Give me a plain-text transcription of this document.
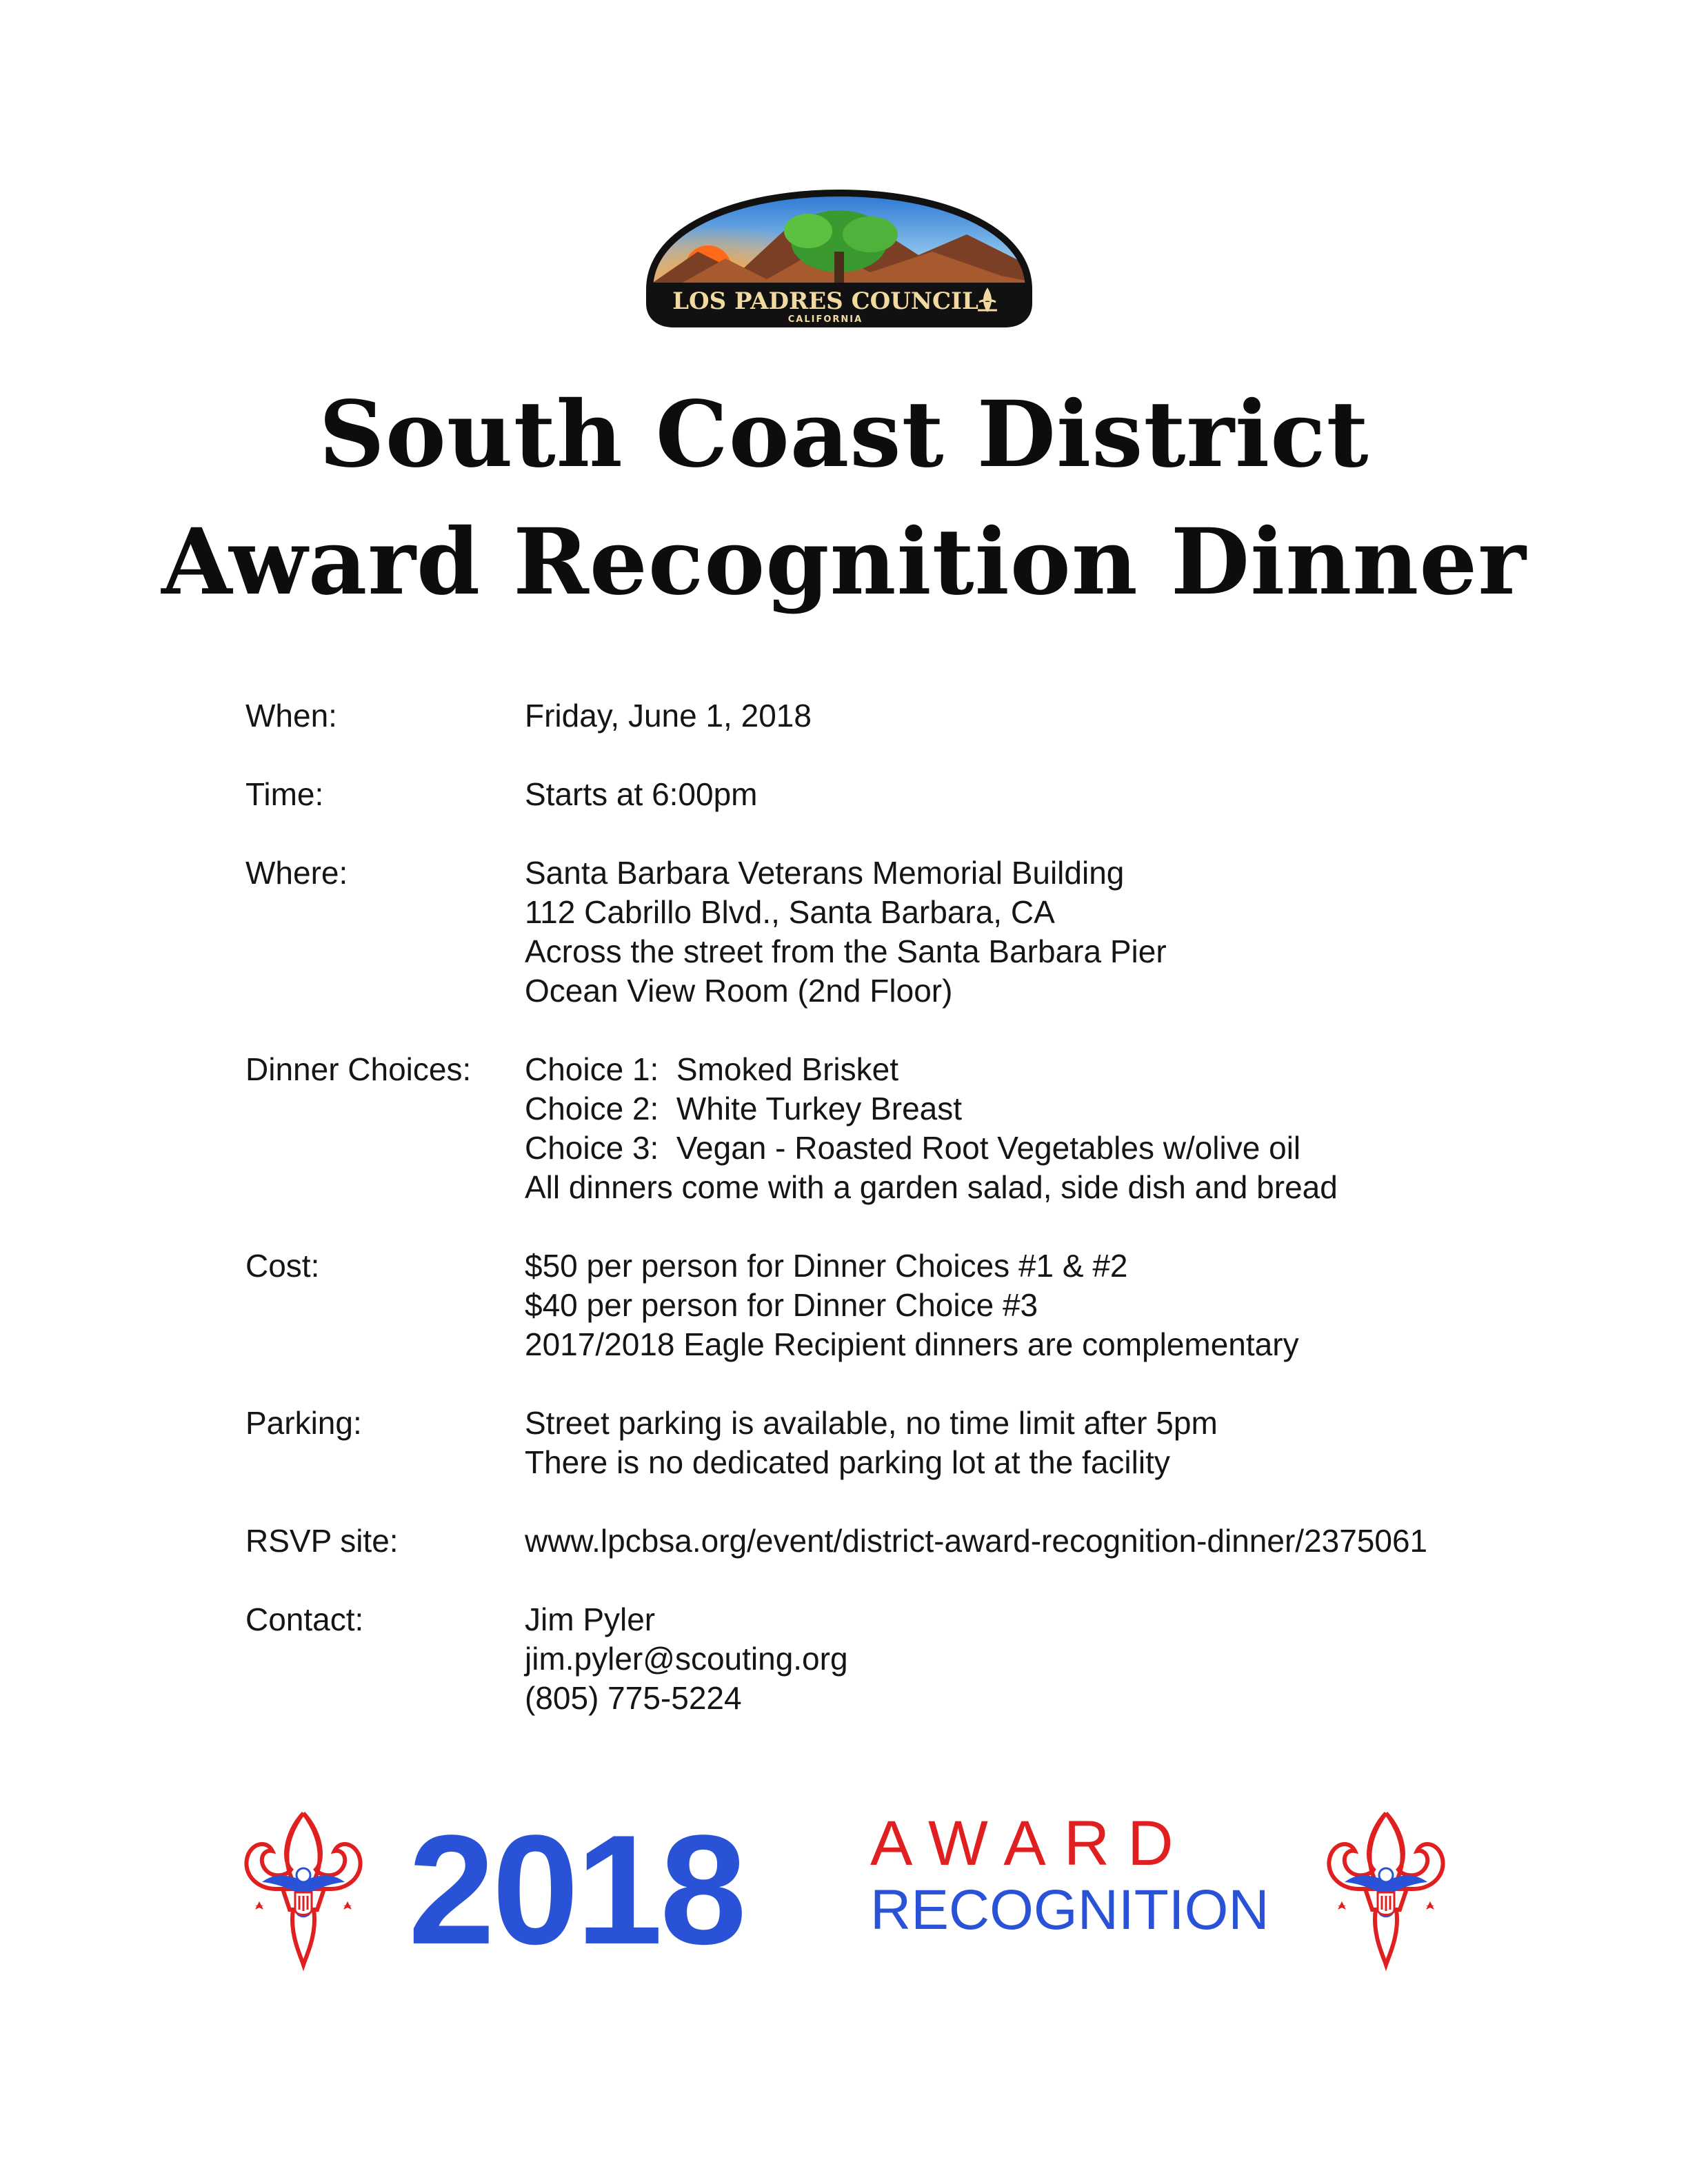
LOS PADRES COUNCIL
CALIFORNIA
South Coast District
Award Recognition Dinner
When:	Friday, June 1, 2018
Time:	Starts at 6:00pm
Where:	Santa Barbara Veterans Memorial Building
112 Cabrillo Blvd., Santa Barbara, CA
Across the street from the Santa Barbara Pier
Ocean View Room (2nd Floor)
Dinner Choices:	Choice 1:  Smoked Brisket
Choice 2:  White Turkey Breast
Choice 3:  Vegan - Roasted Root Vegetables w/olive oil
All dinners come with a garden salad, side dish and bread
Cost:	$50 per person for Dinner Choices #1 & #2
$40 per person for Dinner Choice #3
2017/2018 Eagle Recipient dinners are complementary
Parking:	Street parking is available, no time limit after 5pm
There is no dedicated parking lot at the facility
RSVP site:	www.lpcbsa.org/event/district-award-recognition-dinner/2375061
Contact:	Jim Pyler
jim.pyler@scouting.org
(805) 775-5224
2018 AWARD
RECOGNITION
